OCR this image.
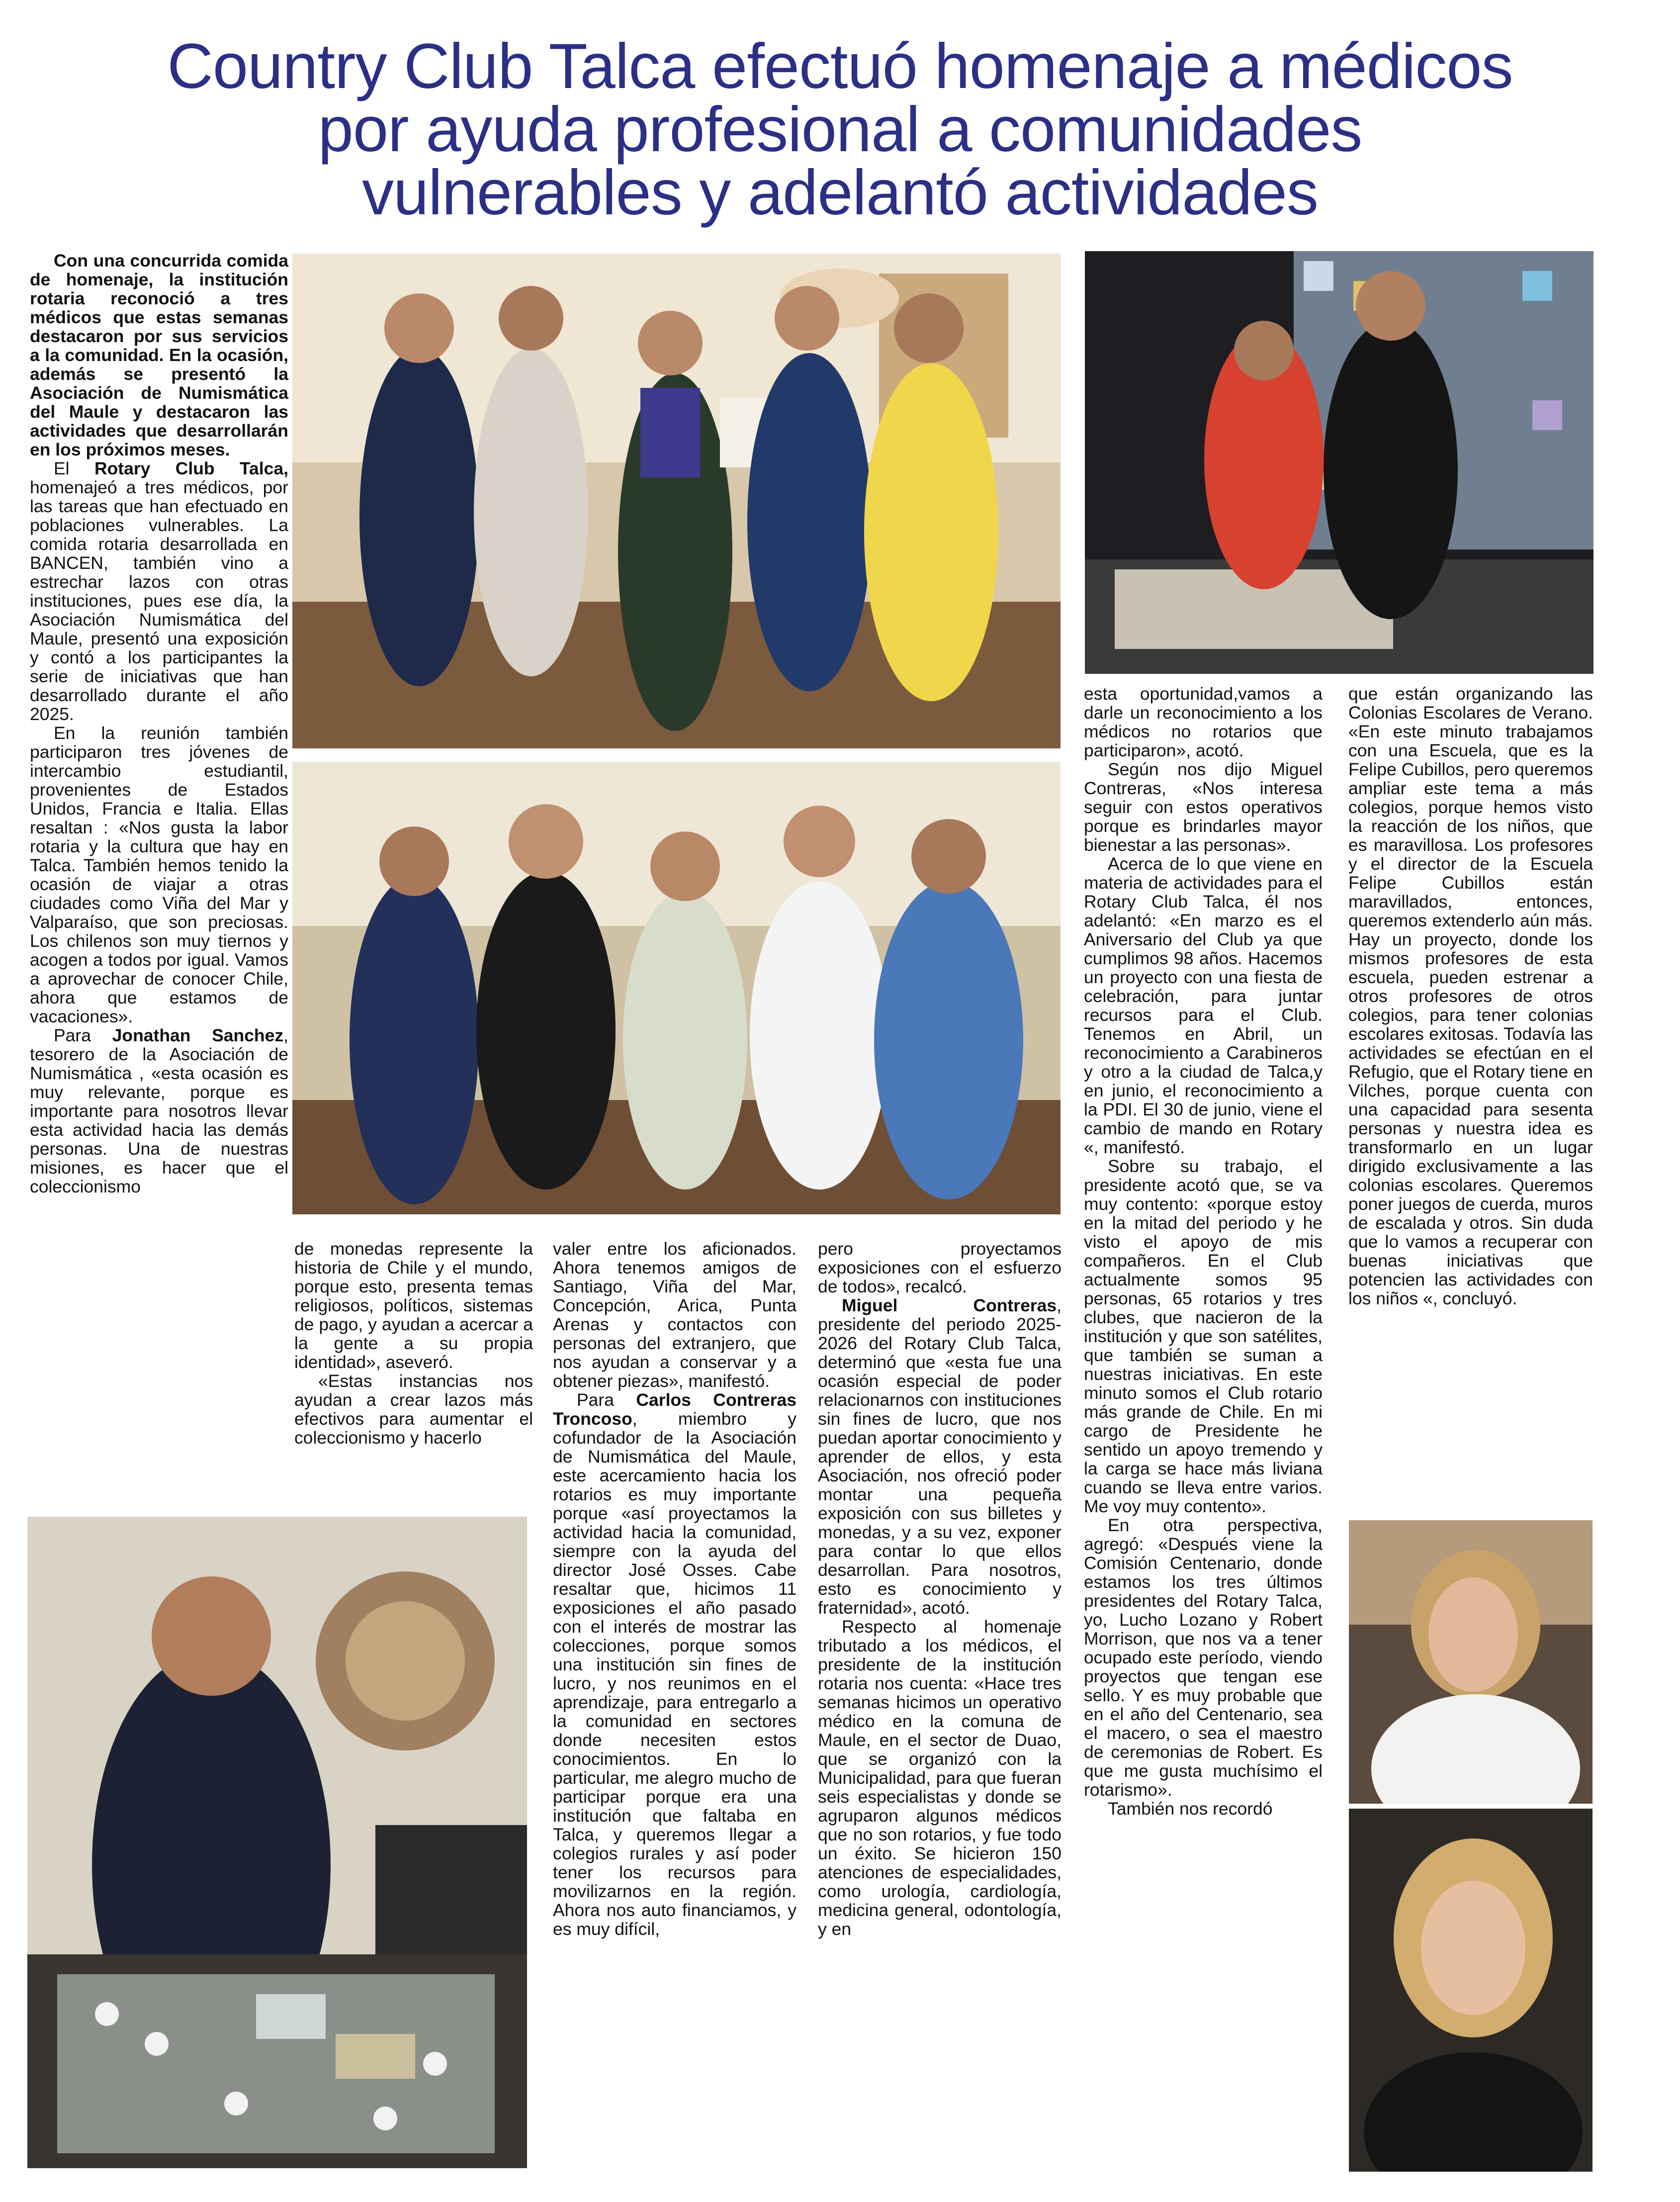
Country Club Talca efectuó homenaje a médicos
por ayuda profesional a comunidades
vulnerables y adelantó actividades

Con una concurrida comida de homenaje, la institución rotaria reconoció a tres médicos que estas semanas destacaron por sus servicios a la comunidad. En la ocasión, además se presentó la Asociación de Numismática del Maule y destacaron las actividades que desarrollarán en los próximos meses.

El Rotary Club Talca, homenajeó a tres médicos, por las tareas que han efectuado en poblaciones vulnerables. La comida rotaria desarrollada en BANCEN, también vino a estrechar lazos con otras instituciones, pues ese día, la Asociación Numismática del Maule, presentó una exposición y contó a los participantes la serie de iniciativas que han desarrollado durante el año 2025.

En la reunión también participaron tres jóvenes de intercambio estudiantil, provenientes de Estados Unidos, Francia e Italia. Ellas resaltan : «Nos gusta la labor rotaria y la cultura que hay en Talca. También hemos tenido la ocasión de viajar a otras ciudades como Viña del Mar y Valparaíso, que son preciosas. Los chilenos son muy tiernos y acogen a todos por igual. Vamos a aprovechar de conocer Chile, ahora que estamos de vacaciones».

Para Jonathan Sanchez, tesorero de la Asociación de Numismática , «esta ocasión es muy relevante, porque es importante para nosotros llevar esta actividad hacia las demás personas. Una de nuestras misiones, es hacer que el coleccionismo

de monedas represente la historia de Chile y el mundo, porque esto, presenta temas religiosos, políticos, sistemas de pago, y ayudan a acercar a la gente a su propia identidad», aseveró.

«Estas instancias nos ayudan a crear lazos más efectivos para aumentar el coleccionismo y hacerlo

valer entre los aficionados. Ahora tenemos amigos de Santiago, Viña del Mar, Concepción, Arica, Punta Arenas y contactos con personas del extranjero, que nos ayudan a conservar y a obtener piezas», manifestó.

Para Carlos Contreras Troncoso, miembro y cofundador de la Asociación de Numismática del Maule, este acercamiento hacia los rotarios es muy importante porque «así proyectamos la actividad hacia la comunidad, siempre con la ayuda del director José Osses. Cabe resaltar que, hicimos 11 exposiciones el año pasado con el interés de mostrar las colecciones, porque somos una institución sin fines de lucro, y nos reunimos en el aprendizaje, para entregarlo a la comunidad en sectores donde necesiten estos conocimientos. En lo particular, me alegro mucho de participar porque era una institución que faltaba en Talca, y queremos llegar a colegios rurales y así poder tener los recursos para movilizarnos en la región. Ahora nos auto financiamos, y es muy difícil,

pero proyectamos exposiciones con el esfuerzo de todos», recalcó.

Miguel Contreras, presidente del periodo 2025-2026 del Rotary Club Talca, determinó que «esta fue una ocasión especial de poder relacionarnos con instituciones sin fines de lucro, que nos puedan aportar conocimiento y aprender de ellos, y esta Asociación, nos ofreció poder montar una pequeña exposición con sus billetes y monedas, y a su vez, exponer para contar lo que ellos desarrollan. Para nosotros, esto es conocimiento y fraternidad», acotó.

Respecto al homenaje tributado a los médicos, el presidente de la institución rotaria nos cuenta: «Hace tres semanas hicimos un operativo médico en la comuna de Maule, en el sector de Duao, que se organizó con la Municipalidad, para que fueran seis especialistas y donde se agruparon algunos médicos que no son rotarios, y fue todo un éxito. Se hicieron 150 atenciones de especialidades, como urología, cardiología, medicina general, odontología, y en

esta oportunidad,vamos a darle un reconocimiento a los médicos no rotarios que participaron», acotó.

Según nos dijo Miguel Contreras, «Nos interesa seguir con estos operativos porque es brindarles mayor bienestar a las personas».

Acerca de lo que viene en materia de actividades para el Rotary Club Talca, él nos adelantó: «En marzo es el Aniversario del Club ya que cumplimos 98 años. Hacemos un proyecto con una fiesta de celebración, para juntar recursos para el Club. Tenemos en Abril, un reconocimiento a Carabineros y otro a la ciudad de Talca,y en junio, el reconocimiento a la PDI. El 30 de junio, viene el cambio de mando en Rotary «, manifestó.

Sobre su trabajo, el presidente acotó que, se va muy contento: «porque estoy en la mitad del periodo y he visto el apoyo de mis compañeros. En el Club actualmente somos 95 personas, 65 rotarios y tres clubes, que nacieron de la institución y que son satélites, que también se suman a nuestras iniciativas. En este minuto somos el Club rotario más grande de Chile. En mi cargo de Presidente he sentido un apoyo tremendo y la carga se hace más liviana cuando se lleva entre varios. Me voy muy contento».

En otra perspectiva, agregó: «Después viene la Comisión Centenario, donde estamos los tres últimos presidentes del Rotary Talca, yo, Lucho Lozano y Robert Morrison, que nos va a tener ocupado este período, viendo proyectos que tengan ese sello. Y es muy probable que en el año del Centenario, sea el macero, o sea el maestro de ceremonias de Robert. Es que me gusta muchísimo el rotarismo».

También nos recordó

que están organizando las Colonias Escolares de Verano. «En este minuto trabajamos con una Escuela, que es la Felipe Cubillos, pero queremos ampliar este tema a más colegios, porque hemos visto la reacción de los niños, que es maravillosa. Los profesores y el director de la Escuela Felipe Cubillos están maravillados, entonces, queremos extenderlo aún más. Hay un proyecto, donde los mismos profesores de esta escuela, pueden estrenar a otros profesores de otros colegios, para tener colonias escolares exitosas. Todavía las actividades se efectúan en el Refugio, que el Rotary tiene en Vilches, porque cuenta con una capacidad para sesenta personas y nuestra idea es transformarlo en un lugar dirigido exclusivamente a las colonias escolares. Queremos poner juegos de cuerda, muros de escalada y otros. Sin duda que lo vamos a recuperar con buenas iniciativas que potencien las actividades con los niños «, concluyó.
